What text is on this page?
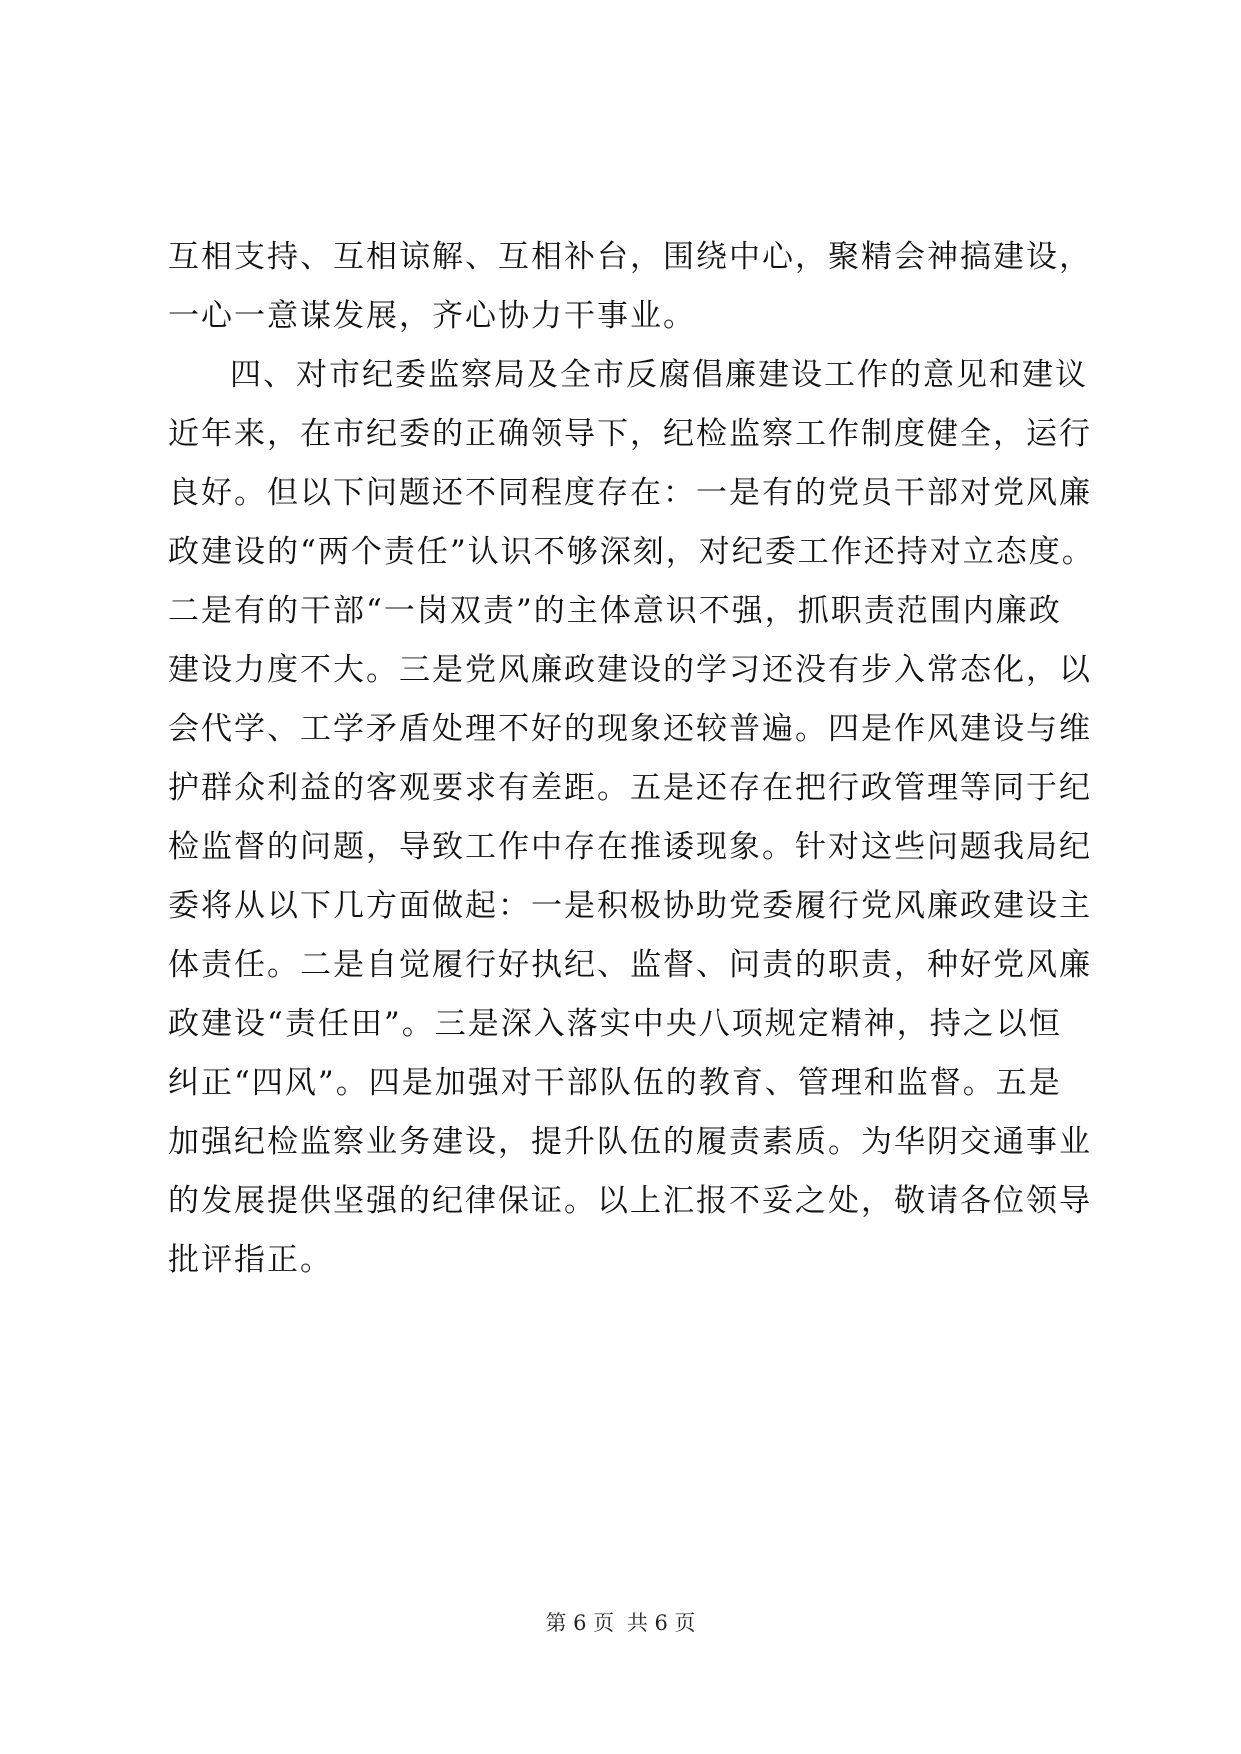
互相支持、互相谅解、互相补台，围绕中心，聚精会神搞建设，
一心一意谋发展，齐心协力干事业。
四、对市纪委监察局及全市反腐倡廉建设工作的意见和建议
近年来，在市纪委的正确领导下，纪检监察工作制度健全，运行
良好。但以下问题还不同程度存在：一是有的党员干部对党风廉
政建设的“两个责任”认识不够深刻，对纪委工作还持对立态度。
二是有的干部“一岗双责”的主体意识不强，抓职责范围内廉政
建设力度不大。三是党风廉政建设的学习还没有步入常态化，以
会代学、工学矛盾处理不好的现象还较普遍。四是作风建设与维
护群众利益的客观要求有差距。五是还存在把行政管理等同于纪
检监督的问题，导致工作中存在推诿现象。针对这些问题我局纪
委将从以下几方面做起：一是积极协助党委履行党风廉政建设主
体责任。二是自觉履行好执纪、监督、问责的职责，种好党风廉
政建设“责任田”。三是深入落实中央八项规定精神，持之以恒
纠正“四风”。四是加强对干部队伍的教育、管理和监督。五是
加强纪检监察业务建设，提升队伍的履责素质。为华阴交通事业
的发展提供坚强的纪律保证。以上汇报不妥之处，敬请各位领导
批评指正。
第 6 页 共 6 页
